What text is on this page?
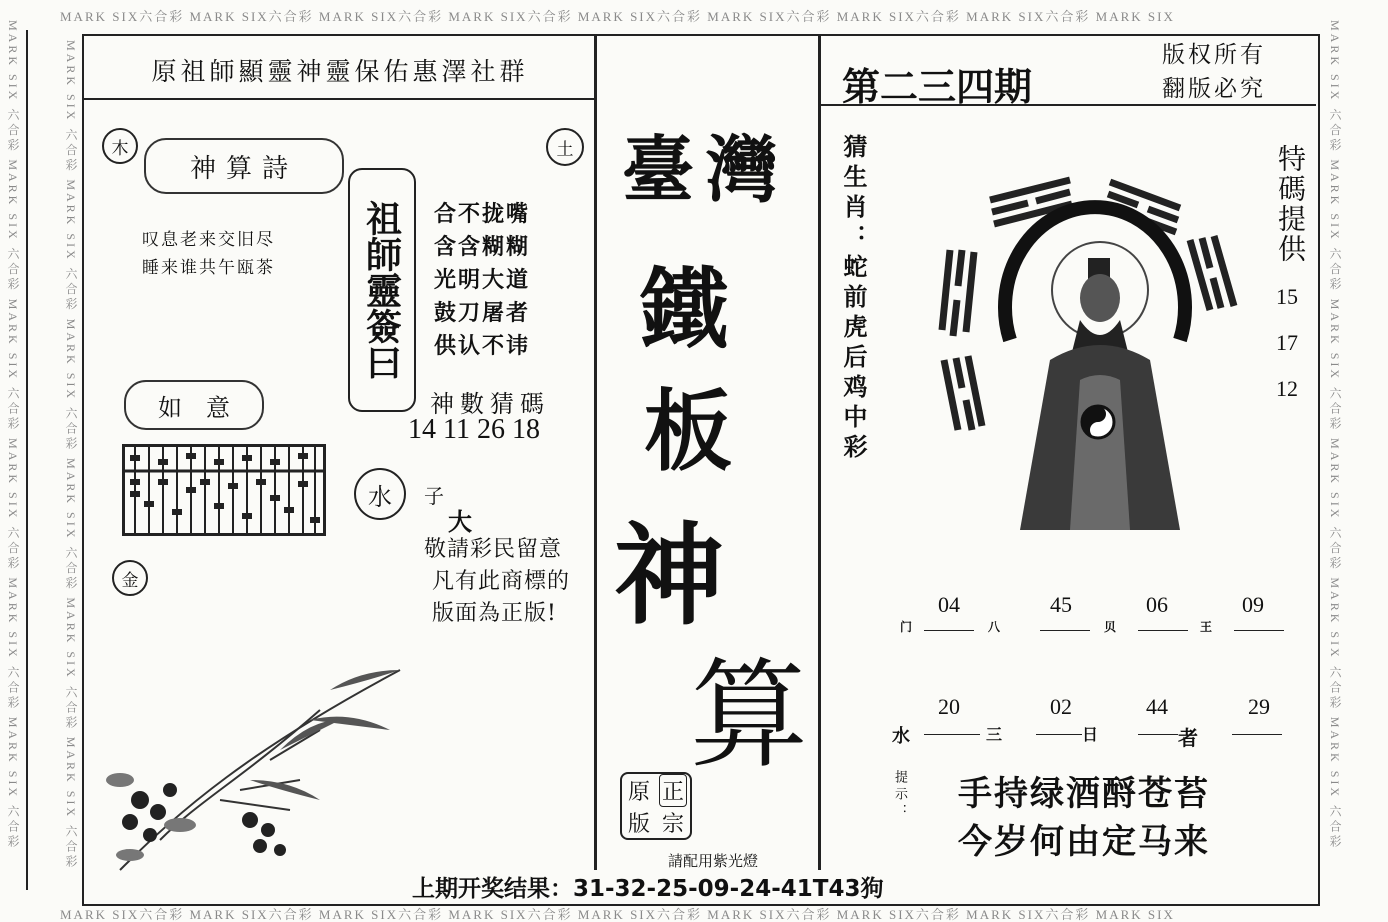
MARK SIX六合彩 MARK SIX六合彩 MARK SIX六合彩 MARK SIX六合彩 MARK SIX六合彩 MARK SIX六合彩 MARK SIX六合彩 MARK SIX六合彩 MARK SIX
MARK SIX六合彩 MARK SIX六合彩 MARK SIX六合彩 MARK SIX六合彩 MARK SIX六合彩 MARK SIX六合彩 MARK SIX六合彩 MARK SIX六合彩 MARK SIX
MARK SIX 六合彩 MARK SIX 六合彩 MARK SIX 六合彩 MARK SIX 六合彩 MARK SIX 六合彩 MARK SIX 六合彩	MARK SIX 六合彩 MARK SIX 六合彩 MARK SIX 六合彩 MARK SIX 六合彩 MARK SIX 六合彩 MARK SIX 六合彩	MARK SIX 六合彩 MARK SIX 六合彩 MARK SIX 六合彩 MARK SIX 六合彩 MARK SIX 六合彩 MARK SIX 六合彩
原祖師顯靈神靈保佑惠澤社群
木	土
神算詩
叹息老来交旧尽
睡来谁共午瓯茶	祖師靈簽曰	合不拢嘴
含含糊糊
光明大道
鼓刀屠者
供认不讳
如　意	神數猜碼
14 11 26 18
水	子
大
金
敬請彩民留意
凡有此商標的
版面為正版!
臺灣
鐵
板
神
算
原 正
版 宗
請配用紫光燈
第二三四期
版权所有
翻版必究
猜生肖：蛇前虎后鸡中彩	特碼提供
15
17
12
04	45	06	09
门	八	贝	王
20	02	44	29
水	三	日	者
提示： 手持绿酒酹苍苔
今岁何由定马来
上期开奖结果：31-32-25-09-24-41T43狗
